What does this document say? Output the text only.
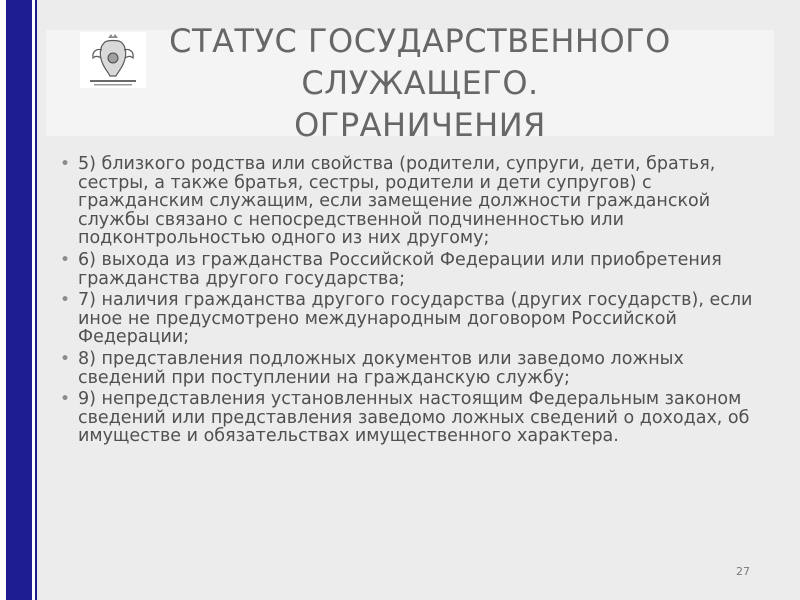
СТАТУС ГОСУДАРСТВЕННОГО
СЛУЖАЩЕГО.
ОГРАНИЧЕНИЯ
• 5) близкого родства или свойства (родители, супруги, дети, братья, сестры, а также братья, сестры, родители и дети супругов) с гражданским служащим, если замещение должности гражданской службы связано с непосредственной подчиненностью или подконтрольностью одного из них другому;
• 6) выхода из гражданства Российской Федерации или приобретения гражданства другого государства;
• 7) наличия гражданства другого государства (других государств), если иное не предусмотрено международным договором Российской Федерации;
• 8) представления подложных документов или заведомо ложных сведений при поступлении на гражданскую службу;
• 9) непредставления установленных настоящим Федеральным законом сведений или представления заведомо ложных сведений о доходах, об имуществе и обязательствах имущественного характера.
27
